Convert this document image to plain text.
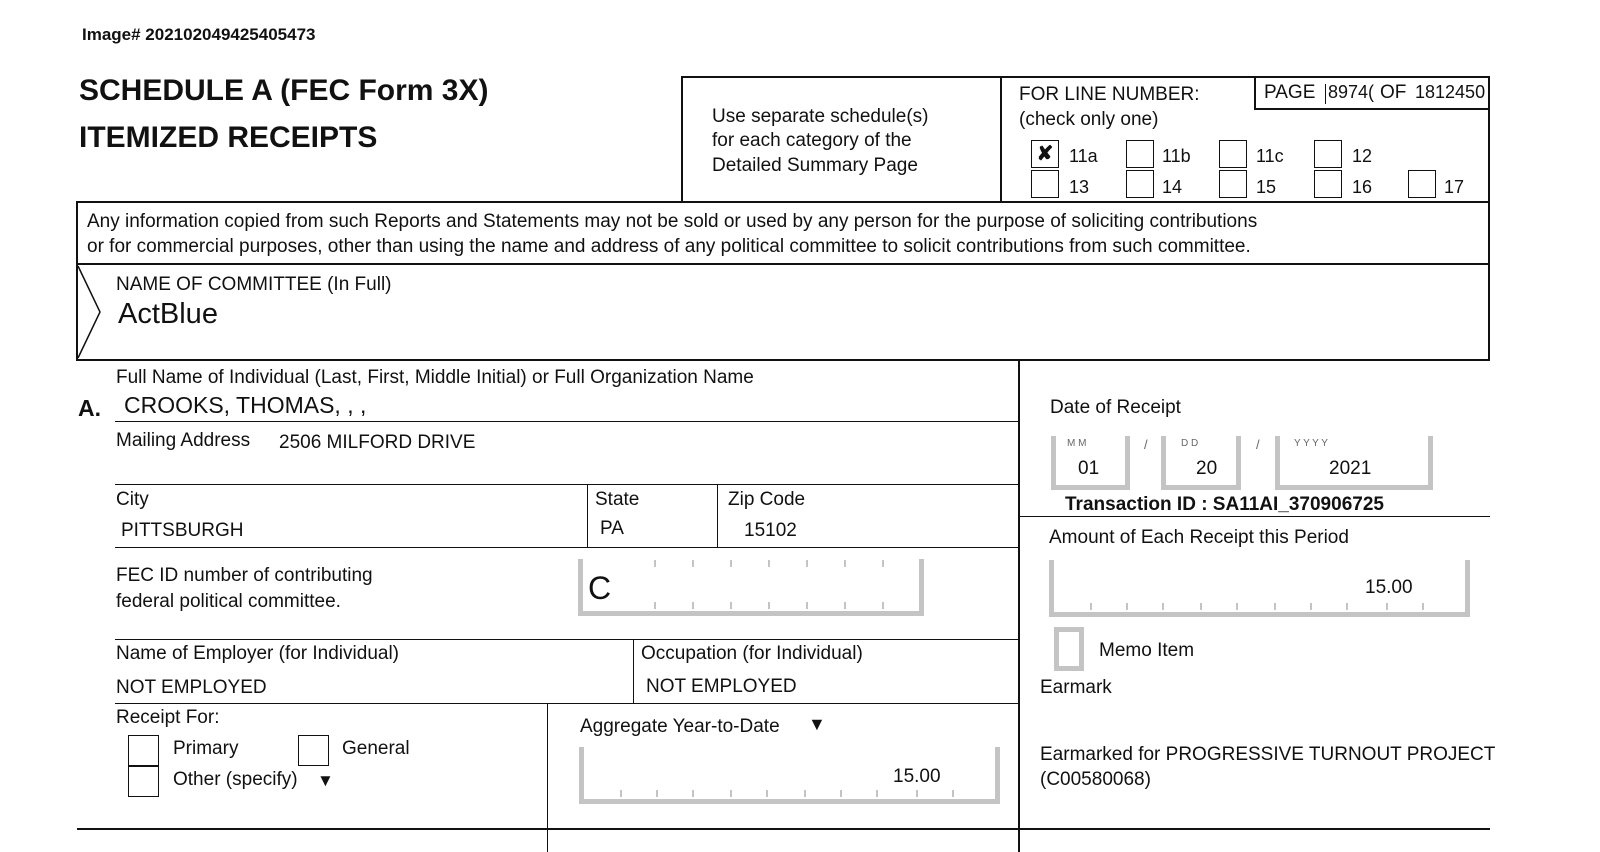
Image# 202102049425405473
SCHEDULE A (FEC Form 3X)
ITEMIZED RECEIPTS
Use separate schedule(s)
for each category of the
Detailed Summary Page
FOR LINE NUMBER:
(check only one)
PAGE 8974( OF 1812450
✘ 11a	11b	11c	12
13	14	15	16	17
Any information copied from such Reports and Statements may not be sold or used by any person for the purpose of soliciting contributions
or for commercial purposes, other than using the name and address of any political committee to solicit contributions from such committee.
NAME OF COMMITTEE (In Full)
ActBlue
Full Name of Individual (Last, First, Middle Initial) or Full Organization Name
A. CROOKS, THOMAS, , ,
Mailing Address 2506 MILFORD DRIVE
City
PITTSBURGH
State
PA
Zip Code
15102
FEC ID number of contributing
federal political committee.	C
Name of Employer (for Individual)
NOT EMPLOYED
Occupation (for Individual)
NOT EMPLOYED
Receipt For:
Primary	General
Other (specify) ▼
Aggregate Year-to-Date ▼
15.00
Date of Receipt
M M
01
/	D D
20
/	Y Y Y Y
2021
Transaction ID : SA11AI_370906725
Amount of Each Receipt this Period
15.00
Memo Item
Earmark
Earmarked for PROGRESSIVE TURNOUT PROJECT
(C00580068)
